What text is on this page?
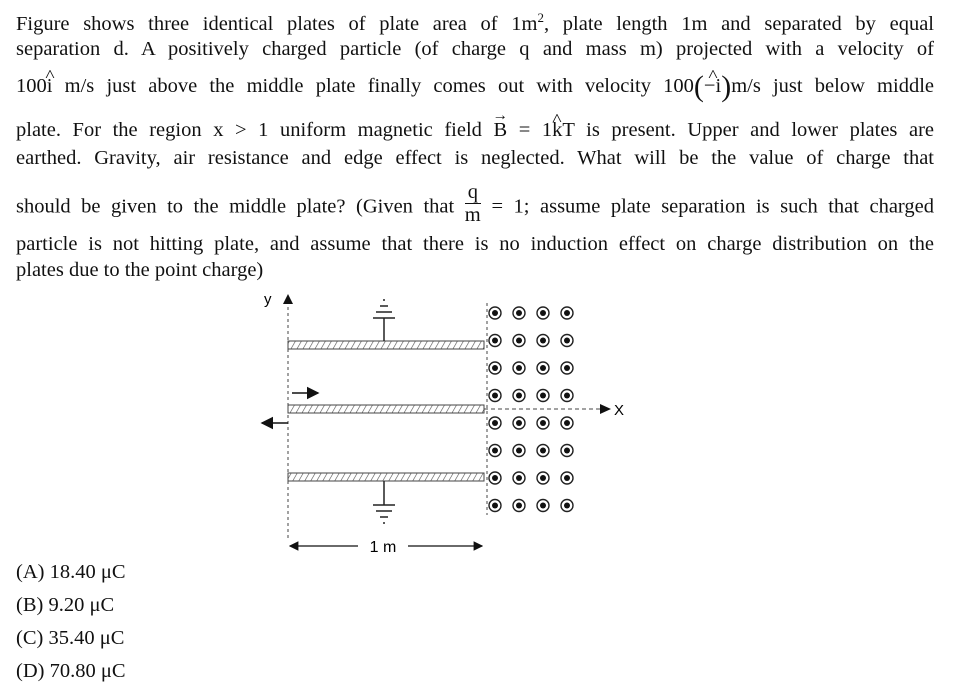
Figure shows three identical plates of plate area of $1m^2$, plate length 1m and separated by equal
separation d. A positively charged particle (of charge q and mass m) projected with a velocity of
100i ^ m/s just above the middle plate finally comes out with velocity 100(−i ^)m/s just below middle
plate. For the region x > 1 uniform magnetic field B → = 1k ^T is present. Upper and lower plates are
earthed. Gravity, air resistance and edge effect is neglected. What will be the value of charge that
should be given to the middle plate? (Given that $\frac{q}{m} = 1$; assume plate separation is such that charged
particle is not hitting plate, and assume that there is no induction effect on charge distribution on the
plates due to the point charge)
y
X
1 m
(A) 18.40 μC
(B) 9.20 μC
(C) 35.40 μC
(D) 70.80 μC
